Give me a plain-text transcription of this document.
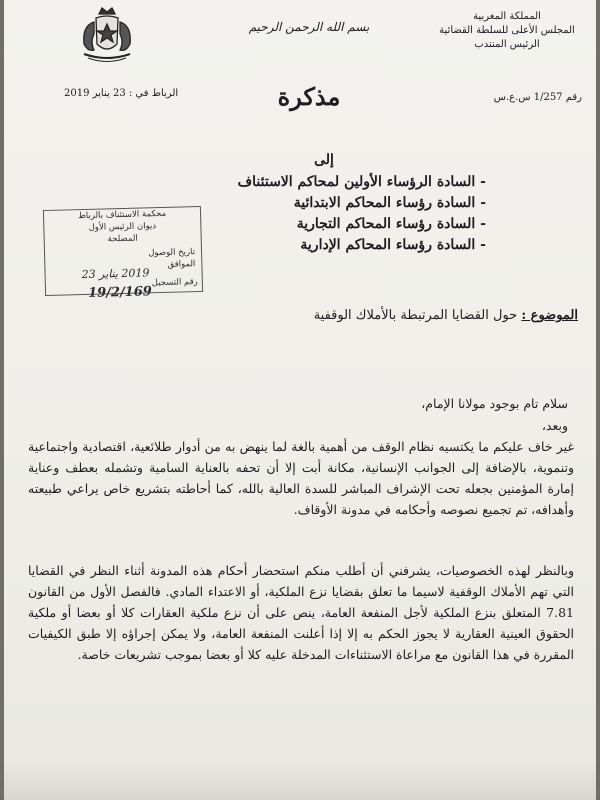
بسم الله الرحمن الرحيم
المملكة المغربية
المجلس الأعلى للسلطة القضائية
الرئيس المنتدب
رقم 1/257 س.ع.س
الرباط في : 23 يناير 2019	مذكرة
إلى
- السادة الرؤساء الأولين لمحاكم الاستئناف
- السادة رؤساء المحاكم الابتدائية
- السادة رؤساء المحاكم التجارية
- السادة رؤساء المحاكم الإدارية
محكمة الاستئناف بالرباط
ديوان الرئيس الأول
المصلحة
تاريخ الوصول
الموافق
2019 يناير 23
رقم التسجيل
19/2/169
الموضوع : حول القضايا المرتبطة بالأملاك الوقفية
سلام تام بوجود مولانا الإمام،
وبعد،

غير خاف عليكم ما يكتسيه نظام الوقف من أهمية بالغة لما ينهض به من أدوار طلائعية، اقتصادية واجتماعية وتنموية، بالإضافة إلى الجوانب الإنسانية، مكانة أبت إلا أن تحفه بالعناية السامية وتشمله بعطف وعناية إمارة المؤمنين بجعله تحت الإشراف المباشر للسدة العالية بالله، كما أحاطته بتشريع خاص يراعي طبيعته وأهدافه، تم تجميع نصوصه وأحكامه في مدونة الأوقاف.

وبالنظر لهذه الخصوصيات، يشرفني أن أطلب منكم استحضار أحكام هذه المدونة أثناء النظر في القضايا التي تهم الأملاك الوقفية لاسيما ما تعلق بقضايا نزع الملكية، أو الاعتداء المادي. فالفصل الأول من القانون 7.81 المتعلق بنزع الملكية لأجل المنفعة العامة، ينص على أن نزع ملكية العقارات كلا أو بعضا أو ملكية الحقوق العينية العقارية لا يجوز الحكم به إلا إذا أعلنت المنفعة العامة، ولا يمكن إجراؤه إلا طبق الكيفيات المقررة في هذا القانون مع مراعاة الاستثناءات المدخلة عليه كلا أو بعضا بموجب تشريعات خاصة.
